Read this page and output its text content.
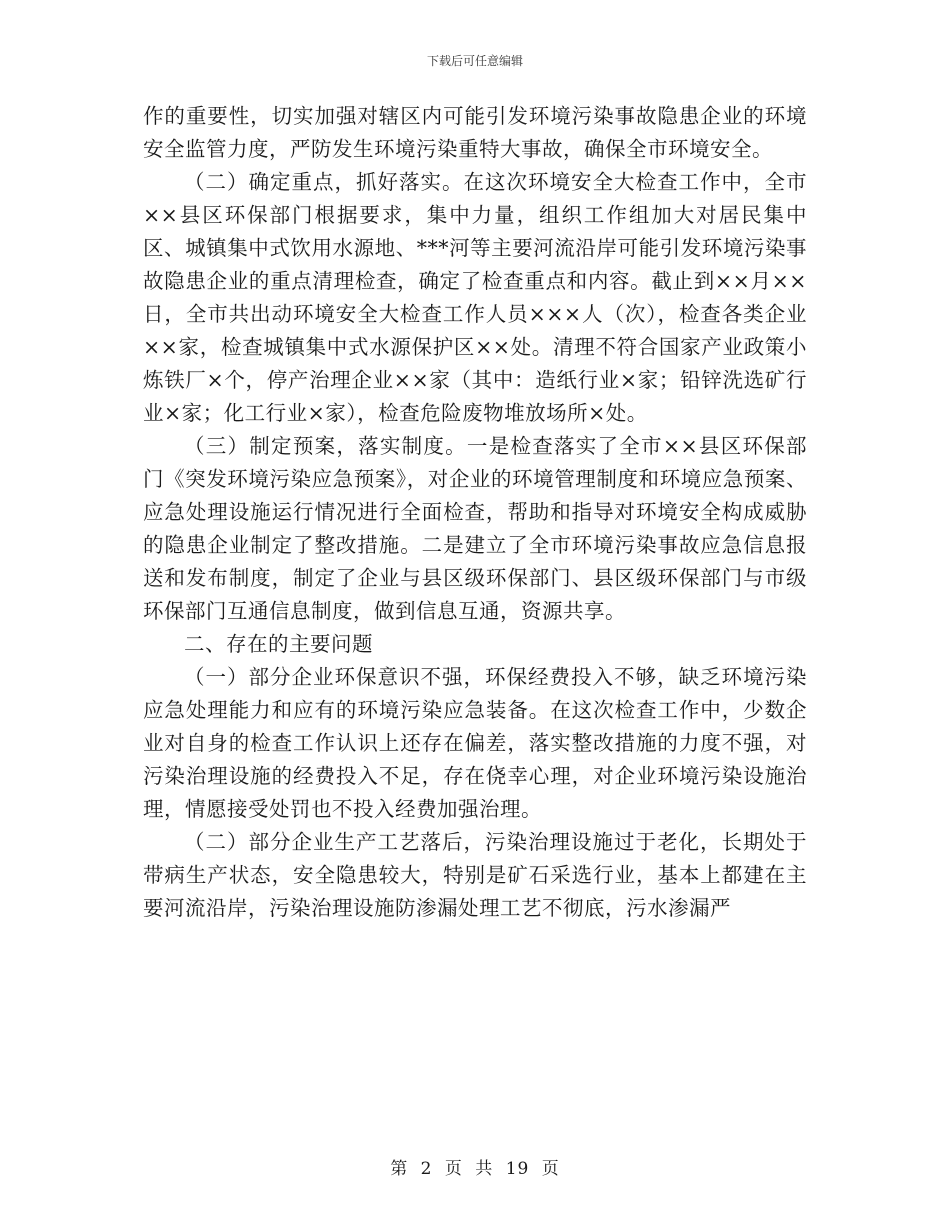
下载后可任意编辑

作的重要性，切实加强对辖区内可能引发环境污染事故隐患企业的环境安全监管力度，严防发生环境污染重特大事故，确保全市环境安全。

（二）确定重点，抓好落实。在这次环境安全大检查工作中，全市××县区环保部门根据要求，集中力量，组织工作组加大对居民集中区、城镇集中式饮用水源地、***河等主要河流沿岸可能引发环境污染事故隐患企业的重点清理检查，确定了检查重点和内容。截止到××月××日，全市共出动环境安全大检查工作人员×××人（次），检查各类企业××家，检查城镇集中式水源保护区××处。清理不符合国家产业政策小炼铁厂×个，停产治理企业××家（其中：造纸行业×家；铅锌洗选矿行业×家；化工行业×家），检查危险废物堆放场所×处。

（三）制定预案，落实制度。一是检查落实了全市××县区环保部门《突发环境污染应急预案》，对企业的环境管理制度和环境应急预案、应急处理设施运行情况进行全面检查，帮助和指导对环境安全构成威胁的隐患企业制定了整改措施。二是建立了全市环境污染事故应急信息报送和发布制度，制定了企业与县区级环保部门、县区级环保部门与市级环保部门互通信息制度，做到信息互通，资源共享。

二、存在的主要问题

（一）部分企业环保意识不强，环保经费投入不够，缺乏环境污染应急处理能力和应有的环境污染应急装备。在这次检查工作中，少数企业对自身的检查工作认识上还存在偏差，落实整改措施的力度不强，对污染治理设施的经费投入不足，存在侥幸心理，对企业环境污染设施治理，情愿接受处罚也不投入经费加强治理。

（二）部分企业生产工艺落后，污染治理设施过于老化，长期处于带病生产状态，安全隐患较大，特别是矿石采选行业，基本上都建在主要河流沿岸，污染治理设施防渗漏处理工艺不彻底，污水渗漏严

第 2 页 共 19 页
